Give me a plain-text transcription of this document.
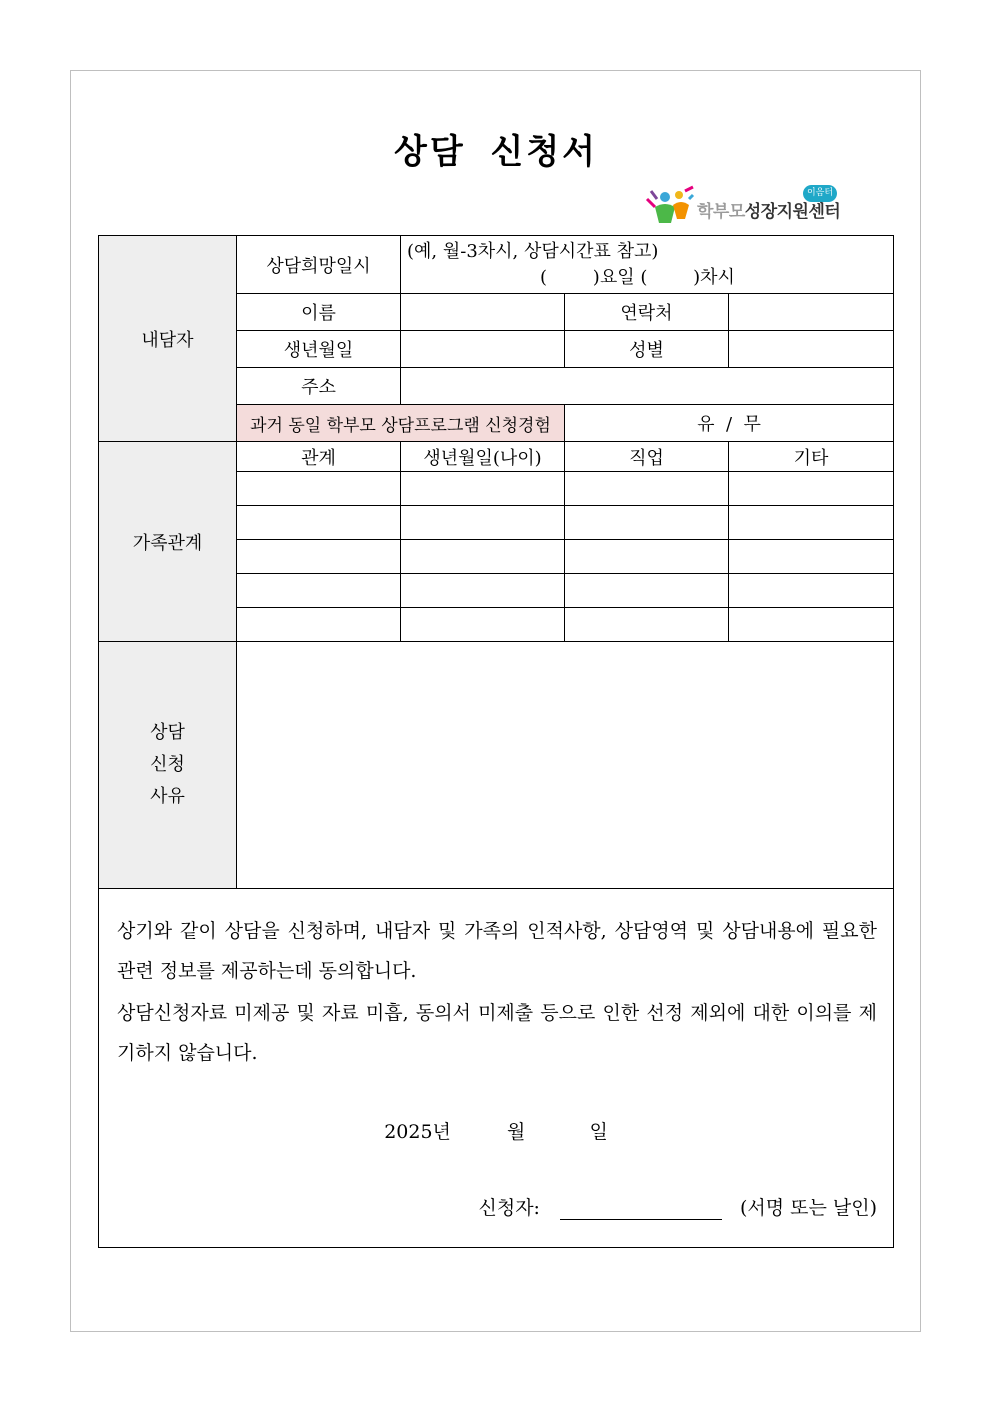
상담 신청서
이음터
학부모성장지원센터
내담자	상담희망일시	(예, 월-3차시, 상담시간표 참고)
(        )요일 (        )차시		

	이름		연락처	
	생년월일		성별	
	주소			
	과거 동일 학부모 상담프로그램 신청경험		유  /  무	
가족관계	관계	생년월일(나이)	직업	기타

상담
신청
사유				

상기와 같이 상담을 신청하며, 내담자 및 가족의 인적사항, 상담영역 및 상담내용에 필요한 관련 정보를 제공하는데 동의합니다.

상담신청자료 미제공 및 자료 미흡, 동의서 미제출 등으로 인한 선정 제외에 대한 이의를 제기하지 않습니다.

2025년 월 일
신청자: (서명 또는 날인)				
